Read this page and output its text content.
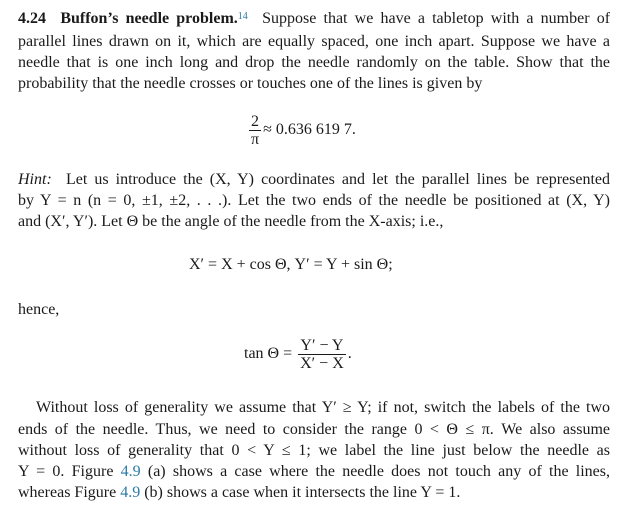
4.24 Buffon’s needle problem.$^{14}$ Suppose that we have a tabletop with a number of
parallel lines drawn on it, which are equally spaced, one inch apart. Suppose we have a
needle that is one inch long and drop the needle randomly on the table. Show that the
probability that the needle crosses or touches one of the lines is given by
$\frac{2}{\pi} \approx 0.636$ 619 7.
Hint: Let us introduce the (X, Y) coordinates and let the parallel lines be represented
by Y = n (n = 0, ±1, ±2, . . .). Let the two ends of the needle be positioned at (X, Y)
and (X′, Y′). Let Θ be the angle of the needle from the X-axis; i.e.,
X′ = X + cos Θ, Y′ = Y + sin Θ;
hence,
$\tan \Theta = \frac{Y' - Y}{X' - X}$ .
Without loss of generality we assume that Y′ ≥ Y; if not, switch the labels of the two
ends of the needle. Thus, we need to consider the range 0 < Θ ≤ π. We also assume
without loss of generality that 0 < Y ≤ 1; we label the line just below the needle as
Y = 0. Figure 4.9 (a) shows a case where the needle does not touch any of the lines,
whereas Figure 4.9 (b) shows a case when it intersects the line Y = 1.
